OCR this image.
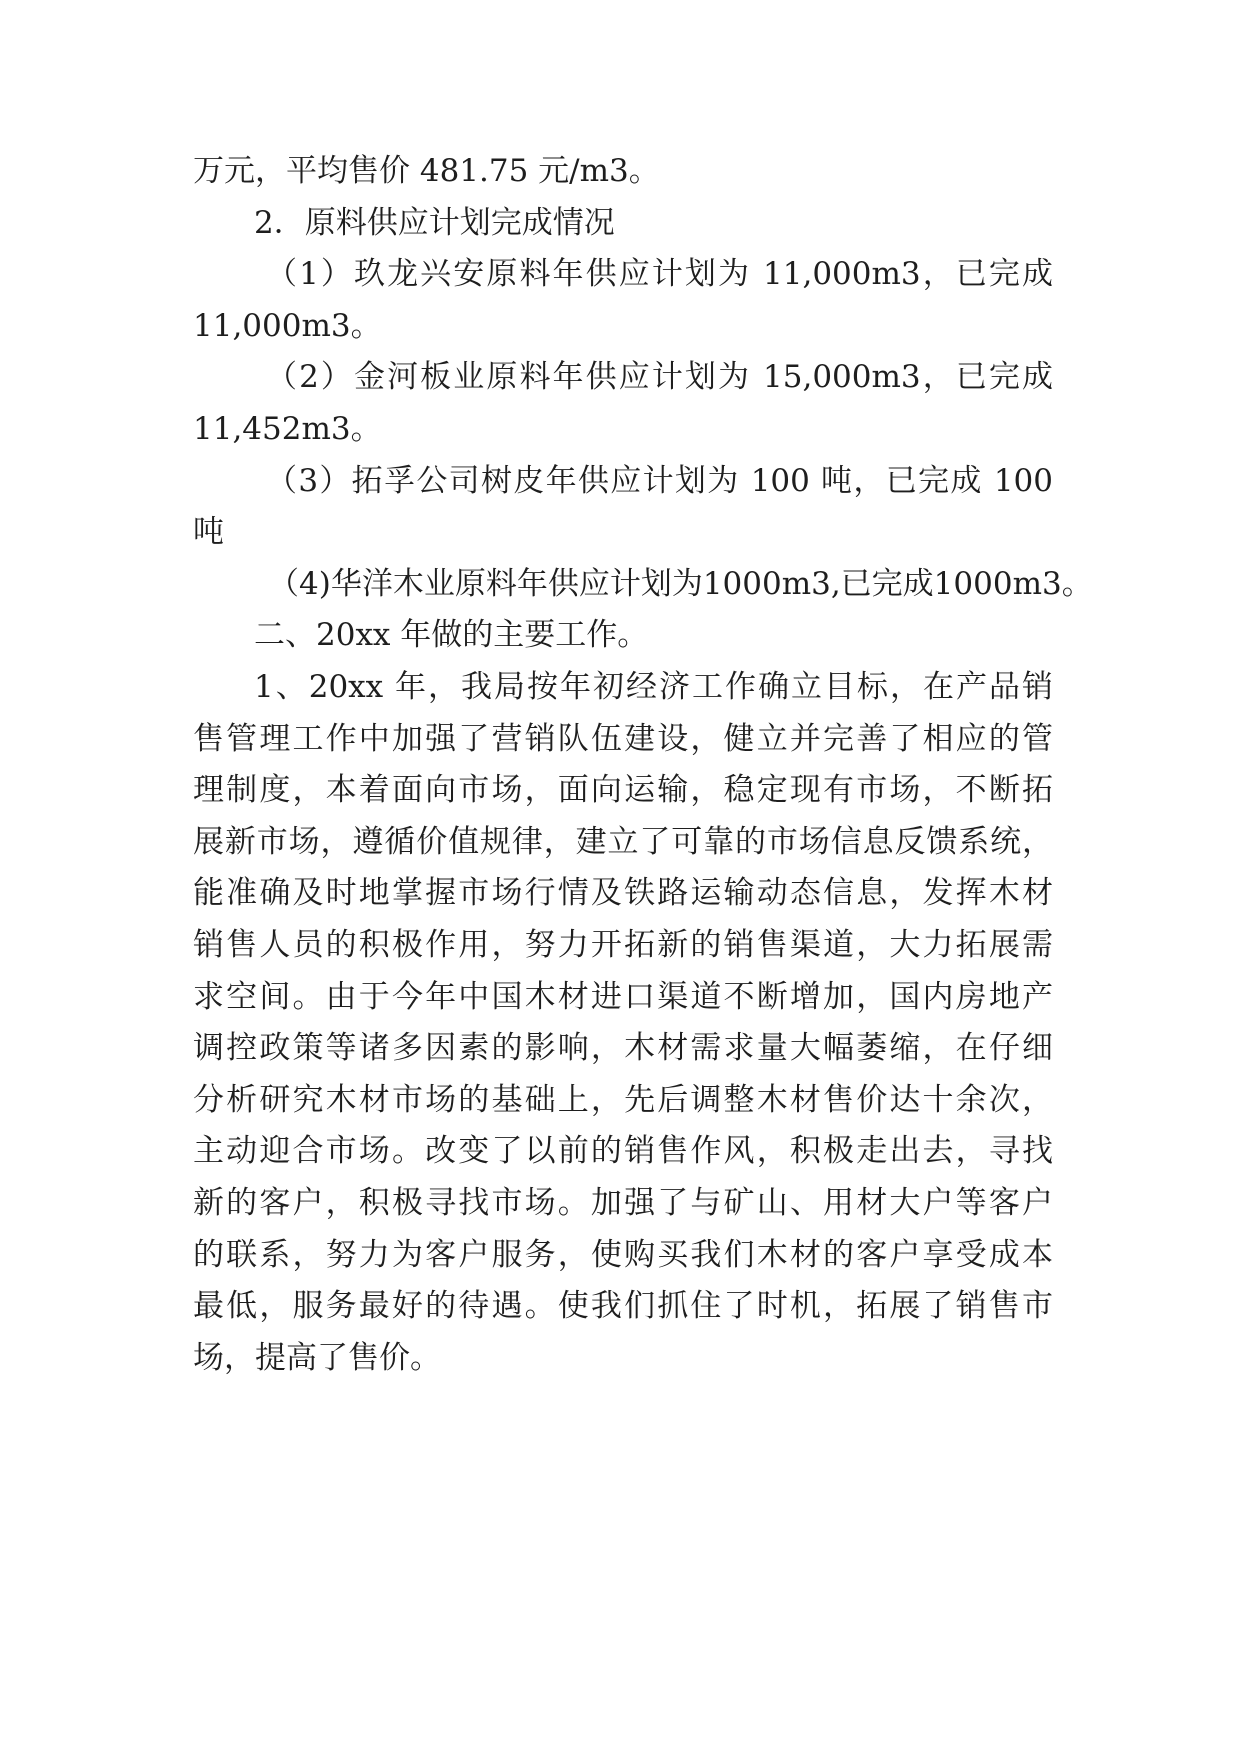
万元，平均售价 481.75 元/m3。

2．原料供应计划完成情况

（1）玖龙兴安原料年供应计划为 11,000m3，已完成

11,000m3。

（2）金河板业原料年供应计划为 15,000m3，已完成

11,452m3。

（3）拓孚公司树皮年供应计划为 100 吨，已完成 100

吨

（4)华洋木业原料年供应计划为1000m3,已完成1000m3。

二、20xx 年做的主要工作。

1、20xx 年，我局按年初经济工作确立目标，在产品销

售管理工作中加强了营销队伍建设，健立并完善了相应的管

理制度，本着面向市场，面向运输，稳定现有市场，不断拓

展新市场，遵循价值规律，建立了可靠的市场信息反馈系统，

能准确及时地掌握市场行情及铁路运输动态信息，发挥木材

销售人员的积极作用，努力开拓新的销售渠道，大力拓展需

求空间。由于今年中国木材进口渠道不断增加，国内房地产

调控政策等诸多因素的影响，木材需求量大幅萎缩，在仔细

分析研究木材市场的基础上，先后调整木材售价达十余次，

主动迎合市场。改变了以前的销售作风，积极走出去，寻找

新的客户，积极寻找市场。加强了与矿山、用材大户等客户

的联系，努力为客户服务，使购买我们木材的客户享受成本

最低，服务最好的待遇。使我们抓住了时机，拓展了销售市

场，提高了售价。
